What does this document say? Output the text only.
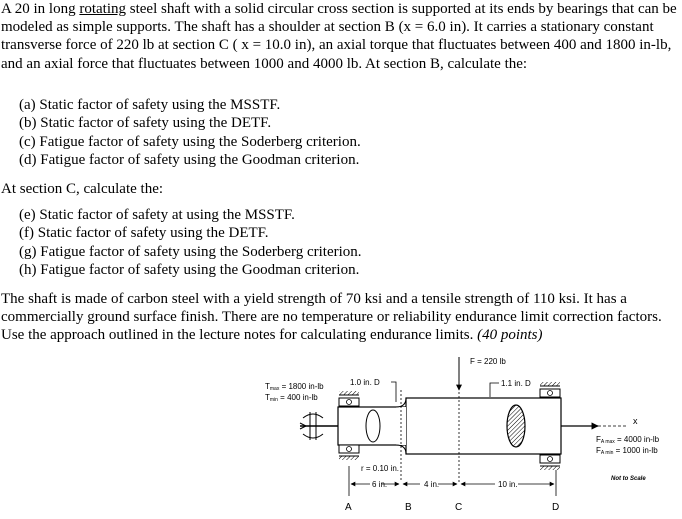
A 20 in long rotating steel shaft with a solid circular cross section is supported at its ends by bearings that can be modeled as simple supports. The shaft has a shoulder at section B (x = 6.0 in). It carries a stationary constant transverse force of 220 lb at section C ( x = 10.0 in), an axial torque that fluctuates between 400 and 1800 in-lb, and an axial force that fluctuates between 1000 and 4000 lb. At section B, calculate the:
(a) Static factor of safety using the MSSTF.
(b) Static factor of safety using the DETF.
(c) Fatigue factor of safety using the Soderberg criterion.
(d) Fatigue factor of safety using the Goodman criterion.
At section C, calculate the:
(e) Static factor of safety at using the MSSTF.
(f) Static factor of safety using the DETF.
(g) Fatigue factor of safety using the Soderberg criterion.
(h) Fatigue factor of safety using the Goodman criterion.
The shaft is made of carbon steel with a yield strength of 70 ksi and a tensile strength of 110 ksi. It has a commercially ground surface finish. There are no temperature or reliability endurance limit correction factors. Use the approach outlined in the lecture notes for calculating endurance limits. (40 points)
F = 220 lb
Tmax = 1800 in-lb
Tmin = 400 in-lb
1.0 in. D	1.1 in. D
x
FA max = 4000 in-lb
FA min = 1000 in-lb
r = 0.10 in.
6 in.	4 in.	10 in.
Not to Scale
A	B	C	D
